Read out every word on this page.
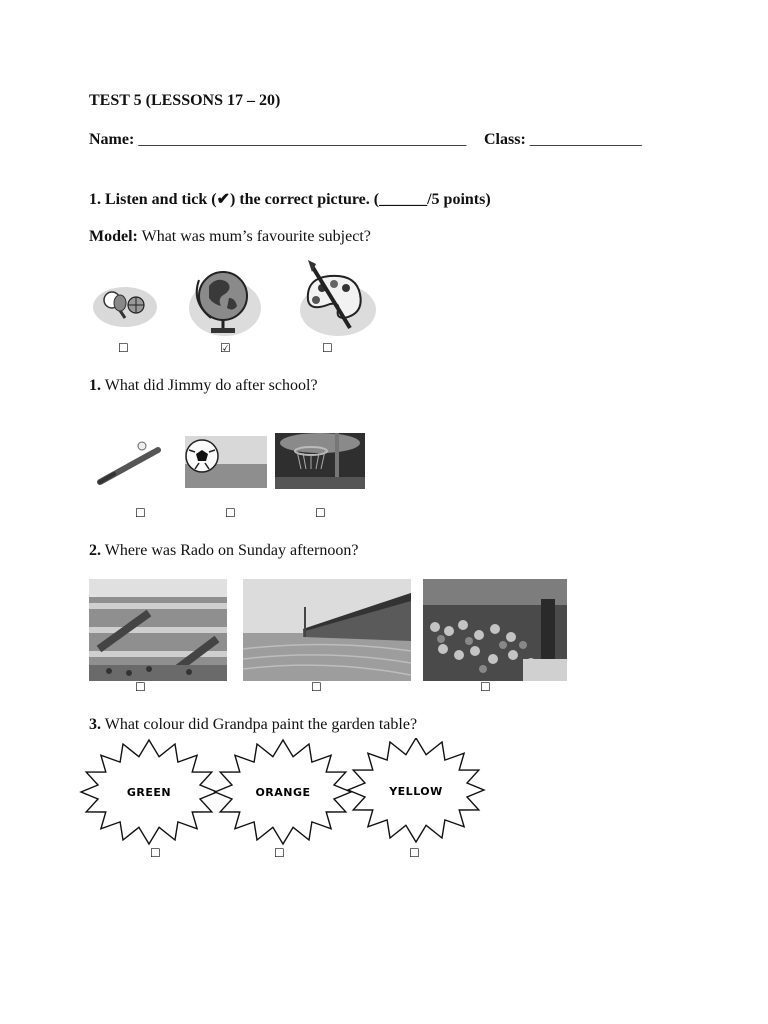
TEST 5 (LESSONS 17 – 20)
Name: _________________________________________ Class: ______________
1. Listen and tick (✔) the correct picture. (______/5 points)
Model: What was mum’s favourite subject?
☐	☑	☐
1. What did Jimmy do after school?
☐	☐	☐
2. Where was Rado on Sunday afternoon?
☐	☐	☐
3. What colour did Grandpa paint the garden table?
GREEN	ORANGE	YELLOW
☐	☐	☐
